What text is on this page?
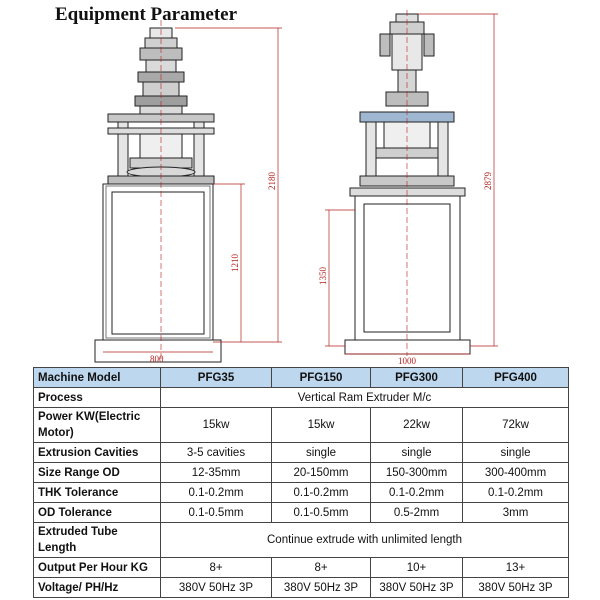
Equipment Parameter
2180
1210
800
2879
1350
1000
Machine Model	PFG35	PFG150	PFG300	PFG400
Process	Vertical Ram Extruder M/c			
Power KW(Electric Motor)	15kw	15kw	22kw	72kw
Extrusion Cavities	3-5 cavities	single	single	single
Size Range OD	12-35mm	20-150mm	150-300mm	300-400mm
THK Tolerance	0.1-0.2mm	0.1-0.2mm	0.1-0.2mm	0.1-0.2mm
OD Tolerance	0.1-0.5mm	0.1-0.5mm	0.5-2mm	3mm
Extruded Tube Length	Continue extrude with unlimited length			
Output Per Hour KG	8+	8+	10+	13+
Voltage/ PH/Hz	380V 50Hz 3P	380V 50Hz 3P	380V 50Hz 3P	380V 50Hz 3P
